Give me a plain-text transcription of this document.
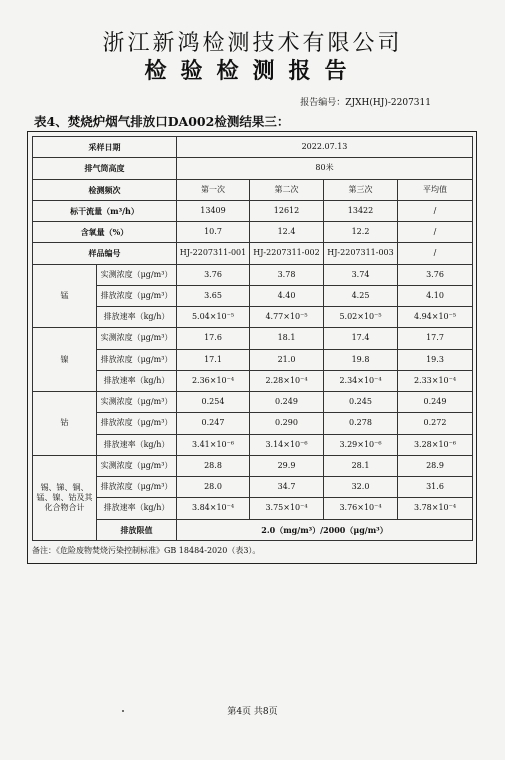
浙江新鸿检测技术有限公司
检验检测报告
报告编号：ZJXH(HJ)-2207311
表4、焚烧炉烟气排放口DA002检测结果三：
采样日期		2022.07.13			
排气筒高度		80米			
检测频次		第一次	第二次	第三次	平均值
标干流量（m³/h）		13409	12612	13422	/
含氧量（%）		10.7	12.4	12.2	/
样品编号		HJ-2207311-001	HJ-2207311-002	HJ-2207311-003	/
锰	实测浓度（μg/m³）	3.76	3.78	3.74	3.76
	排放浓度（μg/m³）	3.65	4.40	4.25	4.10
	排放速率（kg/h）	5.04×10⁻⁵	4.77×10⁻⁵	5.02×10⁻⁵	4.94×10⁻⁵
镍	实测浓度（μg/m³）	17.6	18.1	17.4	17.7
	排放浓度（μg/m³）	17.1	21.0	19.8	19.3
	排放速率（kg/h）	2.36×10⁻⁴	2.28×10⁻⁴	2.34×10⁻⁴	2.33×10⁻⁴
钴	实测浓度（μg/m³）	0.254	0.249	0.245	0.249
	排放浓度（μg/m³）	0.247	0.290	0.278	0.272
	排放速率（kg/h）	3.41×10⁻⁶	3.14×10⁻⁶	3.29×10⁻⁶	3.28×10⁻⁶
锡、锑、铜、锰、镍、钴及其化合物合计	实测浓度（μg/m³）	28.8	29.9	28.1	28.9
	排放浓度（μg/m³）	28.0	34.7	32.0	31.6
	排放速率（kg/h）	3.84×10⁻⁴	3.75×10⁻⁴	3.76×10⁻⁴	3.78×10⁻⁴
	排放限值	2.0（mg/m³）/2000（μg/m³）			
备注：《危险废物焚烧污染控制标准》GB 18484-2020（表3）。
第4页 共8页
